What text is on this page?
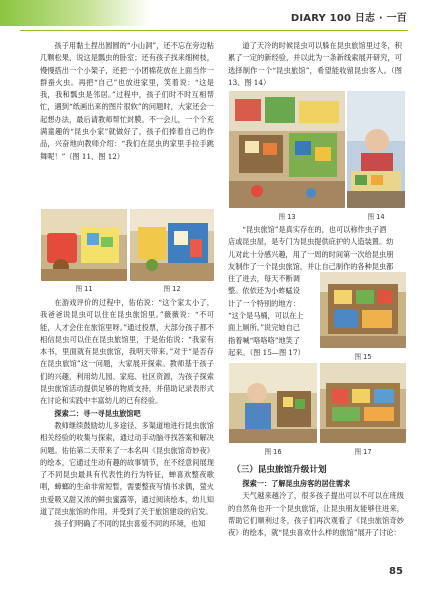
DIARY 100 日志 · 一百

孩子用黏土捏出圆圆的“小山洞”，还不忘在旁边粘几颗松果，说这是瓢虫的卧室；还有孩子找来细树枝，慢慢搭出一个小架子，还把一小团棉花放在上面当作一群蚕火虫。再把“自己”也放进家里，笑着说：“这是我，我和瓢虫是邻居。”过程中，孩子们时不时互相帮忙，遇到“纸画出来的图片很软”的问题时，大家还会一起想办法，最后请教师帮忙封膜。不一会儿，一个个充满童趣的“昆虫小家”就做好了，孩子们捧着自己的作品，兴奋地向教师介绍：“我们在昆虫的家里手拉手跳舞呢！”（图 11、图 12）

图 11	图 12

在游戏评价的过程中，佑佑说：“这个家太小了，我爸爸说昆虫可以住在昆虫旅馆里。”薇薇说：“不可能，人才会住在旅馆里呀。”通过投票，大部分孩子都不相信昆虫可以住在昆虫旅馆里，于是佑佑说：“我家有本书，里面就有昆虫旅馆，我明天带来。”对于“是否存在昆虫旅馆”这一问题，大家展开探索。教师基于孩子们的兴趣，利用幼儿园、家庭、社区资源，为孩子探索昆虫旅馆活动提供足够的物质支持，并借助记录表形式在讨论和实践中丰富幼儿的已有经验。

探索二：寻一寻昆虫旅馆吧

教师继续鼓励幼儿多途径、多渠道地进行昆虫旅馆相关经验的收集与探索，通过动手动脑寻找答案和解决问题。佑佑第二天带来了一本名叫《昆虫旅馆奇妙夜》的绘本，它通过生动有趣的故事情节，在不经意间展现了不同昆虫最具有代表性的行为特征，蝉喜欢整夜歌唱，蟑螂的生命非常短暂，需要整夜写情书求偶，萤火虫爱吸又甜又浓的鲜虫蜜露等，通过阅读绘本，幼儿知道了昆虫旅馆的作用，并受到了关于旅馆建设的启发。

孩子们明确了不同的昆虫喜爱不同的环境，也知

道了天冷的时候昆虫可以躲在昆虫旅馆里过冬，积累了一定的新经验，并以此为一条新线索展开研究，可选择制作一个“昆虫旅馆”，希望能收留昆虫客人。（图 13、图 14）

图 13	图 14
“昆虫旅馆”是真实存在的，也可以称作虫子酒
店或昆虫屋，是专门为昆虫提供庇护的人造装置。幼
儿对此十分感兴趣，用了一周的时间第一次给昆虫朋
友制作了一个昆虫旅馆，并让自己制作的各种昆虫都
住了进去，每天不断调
整。依依还为小蚱蜢设
计了一个特别的地方：
“这个是马桶，可以在上
面上厕所。”说完她自己
指着喊“咯咯咯”地笑了
起来。（图 15—图 17）
图 15
图 16	图 17
（三）昆虫旅馆升级计划

探索一：了解昆虫房客的居住需求

天气越来越冷了，很多孩子提出可以不可以在班级的自然角也开一个昆虫旅馆，让昆虫朋友能够住进来，帮助它们顺利过冬，孩子们再次观看了《昆虫旅馆奇妙夜》的绘本，就“昆虫喜欢什么样的旅馆”展开了讨论：

85
